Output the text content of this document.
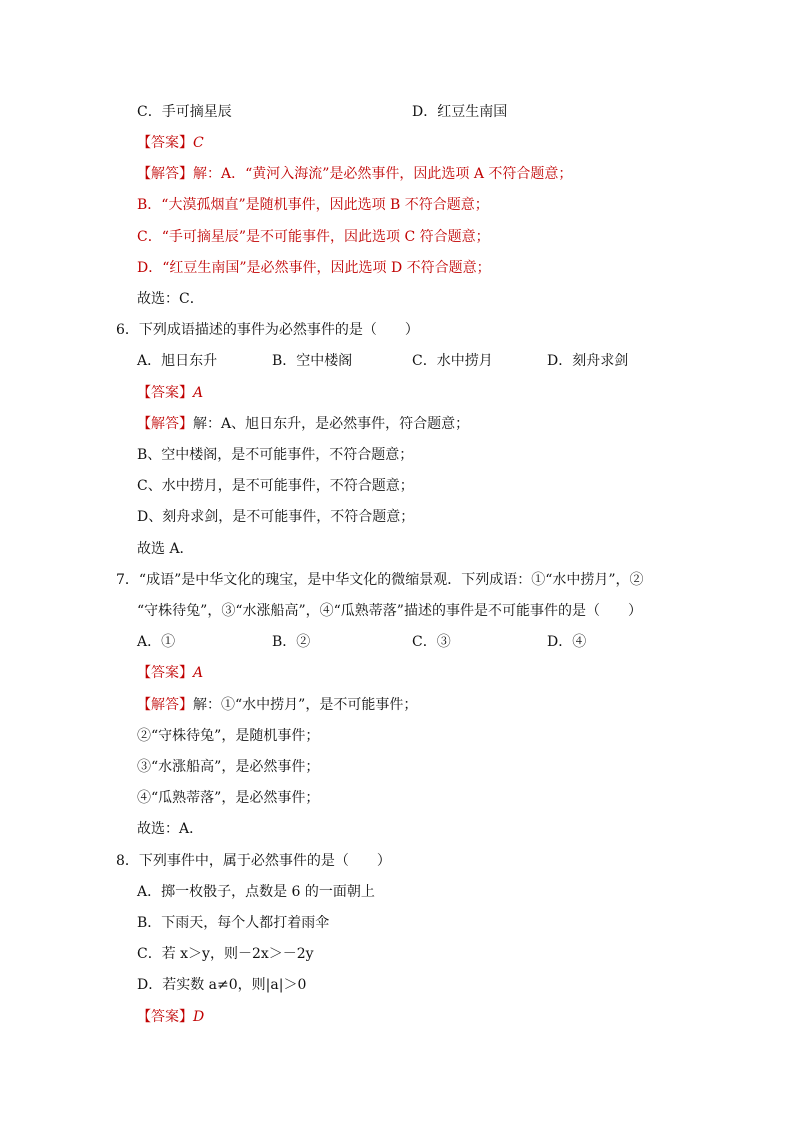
C．手可摘星辰	D．红豆生南国
【答案】C
【解答】解：A．“黄河入海流”是必然事件，因此选项 A 不符合题意；
B．“大漠孤烟直”是随机事件，因此选项 B 不符合题意；
C．“手可摘星辰”是不可能事件，因此选项 C 符合题意；
D．“红豆生南国”是必然事件，因此选项 D 不符合题意；
故选：C．
6．下列成语描述的事件为必然事件的是（　　）
A．旭日东升	B．空中楼阁	C．水中捞月	D．刻舟求剑
【答案】A
【解答】解：A、旭日东升，是必然事件，符合题意；
B、空中楼阁，是不可能事件，不符合题意；
C、水中捞月，是不可能事件，不符合题意；
D、刻舟求剑，是不可能事件，不符合题意；
故选 A．
7．“成语”是中华文化的瑰宝，是中华文化的微缩景观．下列成语：①“水中捞月”，②
“守株待兔”，③“水涨船高”，④“瓜熟蒂落”描述的事件是不可能事件的是（　　）
A．①	B．②	C．③	D．④
【答案】A
【解答】解：①“水中捞月”，是不可能事件；
②“守株待兔”，是随机事件；
③“水涨船高”，是必然事件；
④“瓜熟蒂落”，是必然事件；
故选：A．
8．下列事件中，属于必然事件的是（　　）
A．掷一枚骰子，点数是 6 的一面朝上
B．下雨天，每个人都打着雨伞
C．若 x＞y，则－2x＞－2y
D．若实数 a≠0，则|a|＞0
【答案】D
